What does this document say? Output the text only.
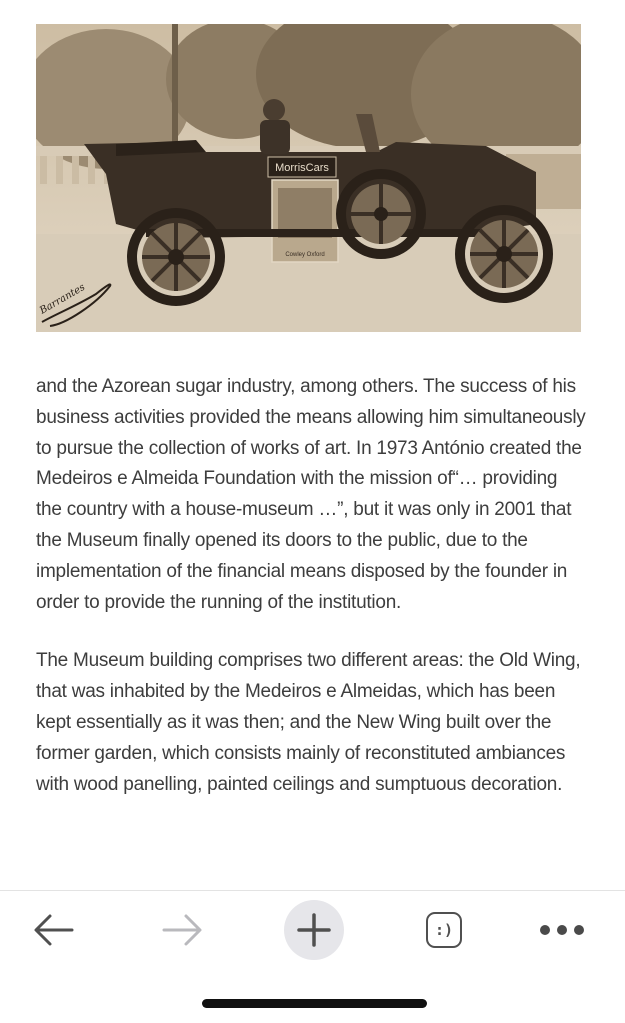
MorrisCars
Cowley Oxford
Barrantes

and the Azorean sugar industry, among others. The success of his business activities provided the means allowing him simultaneously to pursue the collection of works of art. In 1973 António created the Medeiros e Almeida Foundation with the mission of“… providing the country with a house-museum …”, but it was only in 2001 that the Museum finally opened its doors to the public, due to the implementation of the financial means disposed by the founder in order to provide the running of the institution.

The Museum building comprises two different areas: the Old Wing, that was inhabited by the Medeiros e Almeidas, which has been kept essentially as it was then; and the New Wing built over the former garden, which consists mainly of reconstituted ambiances with wood panelling, painted ceilings and sumptuous decoration.

:)
